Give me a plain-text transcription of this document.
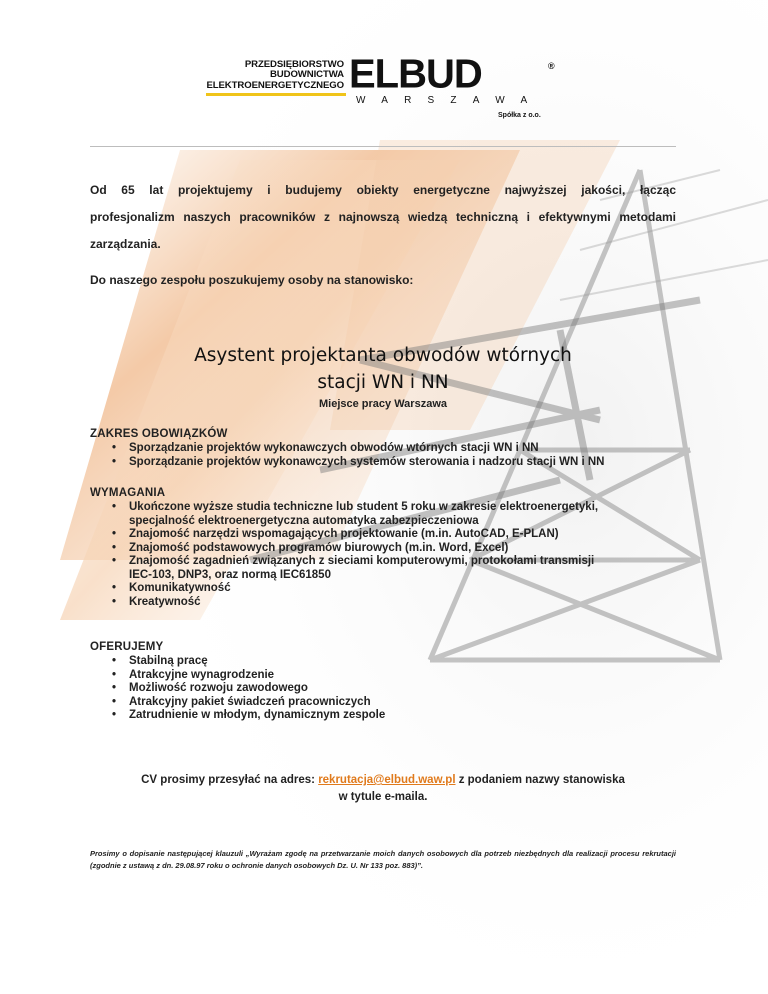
PRZEDSIĘBIORSTWO
BUDOWNICTWA
ELEKTROENERGETYCZNEGO ELBUD	®
WARSZAWA
Spółka z o.o.
Od 65 lat projektujemy i budujemy obiekty energetyczne najwyższej jakości, łącząc
profesjonalizm naszych pracowników z najnowszą wiedzą techniczną i efektywnymi metodami
zarządzania.
Do naszego zespołu poszukujemy osoby na stanowisko:
Asystent projektanta obwodów wtórnych
stacji WN i NN
Miejsce pracy Warszawa
ZAKRES OBOWIĄZKÓW
• Sporządzanie projektów wykonawczych obwodów wtórnych stacji WN i NN
• Sporządzanie projektów wykonawczych systemów sterowania i nadzoru stacji WN i NN
WYMAGANIA
• Ukończone wyższe studia techniczne lub student 5 roku w zakresie elektroenergetyki,
specjalność elektroenergetyczna automatyka zabezpieczeniowa
• Znajomość narzędzi wspomagających projektowanie (m.in. AutoCAD, E-PLAN)
• Znajomość podstawowych programów biurowych (m.in. Word, Excel)
• Znajomość zagadnień związanych z sieciami komputerowymi, protokołami transmisji
IEC-103, DNP3, oraz normą IEC61850
• Komunikatywność
• Kreatywność
OFERUJEMY
• Stabilną pracę
• Atrakcyjne wynagrodzenie
• Możliwość rozwoju zawodowego
• Atrakcyjny pakiet świadczeń pracowniczych
• Zatrudnienie w młodym, dynamicznym zespole
CV prosimy przesyłać na adres: rekrutacja@elbud.waw.pl z podaniem nazwy stanowiska
w tytule e-maila.
Prosimy o dopisanie następującej klauzuli „Wyrażam zgodę na przetwarzanie moich danych osobowych dla potrzeb niezbędnych dla realizacji procesu rekrutacji (zgodnie z ustawą z dn. 29.08.97 roku o ochronie danych osobowych Dz. U. Nr 133 poz. 883)”.
